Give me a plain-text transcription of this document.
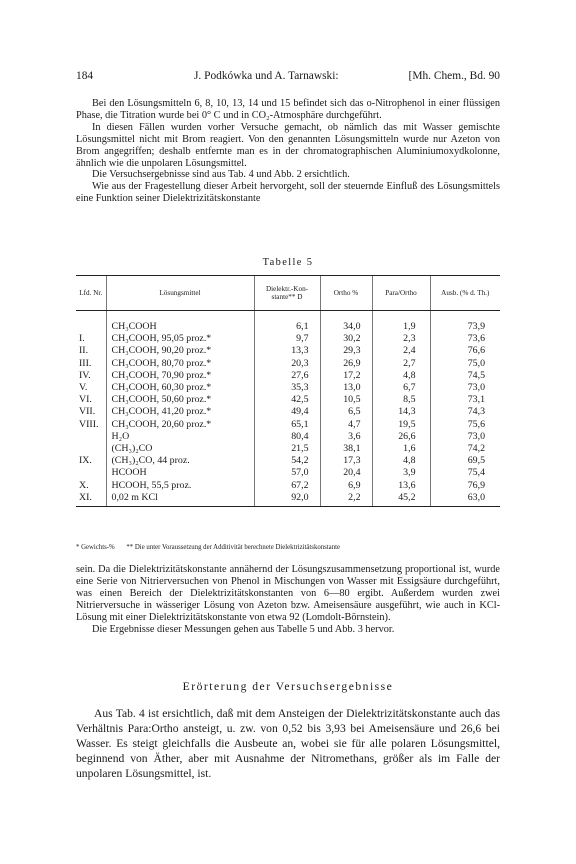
184	J. Podkówka und A. Tarnawski:	[Mh. Chem., Bd. 90

Bei den Lösungsmitteln 6, 8, 10, 13, 14 und 15 befindet sich das o-Nitrophenol in einer flüssigen Phase, die Titration wurde bei 0° C und in CO₂-Atmosphäre durchgeführt.

In diesen Fällen wurden vorher Versuche gemacht, ob nämlich das mit Wasser gemischte Lösungsmittel nicht mit Brom reagiert. Von den genannten Lösungsmitteln wurde nur Azeton von Brom angegriffen; deshalb entfernte man es in der chromatographischen Aluminiumoxydkolonne, ähnlich wie die unpolaren Lösungsmittel.

Die Versuchsergebnisse sind aus Tab. 4 und Abb. 2 ersichtlich.

Wie aus der Fragestellung dieser Arbeit hervorgeht, soll der steuernde Einfluß des Lösungsmittels eine Funktion seiner Dielektrizitätskonstante

Tabelle 5
Lfd. Nr.	Lösungsmittel	Dielektr.-Kon-stante** D	Ortho %	Para/Ortho	Ausb. (% d. Th.)

	CH₃COOH	6,1	34,0	1,9	73,9
I.	CH₃COOH, 95,05 proz.*	9,7	30,2	2,3	73,6
II.	CH₃COOH, 90,20 proz.*	13,3	29,3	2,4	76,6
III.	CH₃COOH, 80,70 proz.*	20,3	26,9	2,7	75,0
IV.	CH₃COOH, 70,90 proz.*	27,6	17,2	4,8	74,5
V.	CH₃COOH, 60,30 proz.*	35,3	13,0	6,7	73,0
VI.	CH₃COOH, 50,60 proz.*	42,5	10,5	8,5	73,1
VII.	CH₃COOH, 41,20 proz.*	49,4	6,5	14,3	74,3
VIII.	CH₃COOH, 20,60 proz.*	65,1	4,7	19,5	75,6
	H₂O	80,4	3,6	26,6	73,0
	(CH₃)₂CO	21,5	38,1	1,6	74,2
IX.	(CH₃)₂CO, 44 proz.	54,2	17,3	4,8	69,5
	HCOOH	57,0	20,4	3,9	75,4
X.	HCOOH, 55,5 proz.	67,2	6,9	13,6	76,9
XI.	0,02 m KCl	92,0	2,2	45,2	63,0
* Gewichts-% ** Die unter Voraussetzung der Additivität berechnete Dielektrizitätskonstante

sein. Da die Dielektrizitätskonstante annähernd der Lösungszusammensetzung proportional ist, wurde eine Serie von Nitrierversuchen von Phenol in Mischungen von Wasser mit Essigsäure durchgeführt, was einen Bereich der Dielektrizitätskonstanten von 6—80 ergibt. Außerdem wurden zwei Nitrierversuche in wässeriger Lösung von Azeton bzw. Ameisensäure ausgeführt, wie auch in KCl-Lösung mit einer Dielektrizitätskonstante von etwa 92 (Lomdolt-Börnstein).

Die Ergebnisse dieser Messungen gehen aus Tabelle 5 und Abb. 3 hervor.

Erörterung der Versuchsergebnisse

Aus Tab. 4 ist ersichtlich, daß mit dem Ansteigen der Dielektrizitätskonstante auch das Verhältnis Para:Ortho ansteigt, u. zw. von 0,52 bis 3,93 bei Ameisensäure und 26,6 bei Wasser. Es steigt gleichfalls die Ausbeute an, wobei sie für alle polaren Lösungsmittel, beginnend von Äther, aber mit Ausnahme der Nitromethans, größer als im Falle der unpolaren Lösungsmittel, ist.
